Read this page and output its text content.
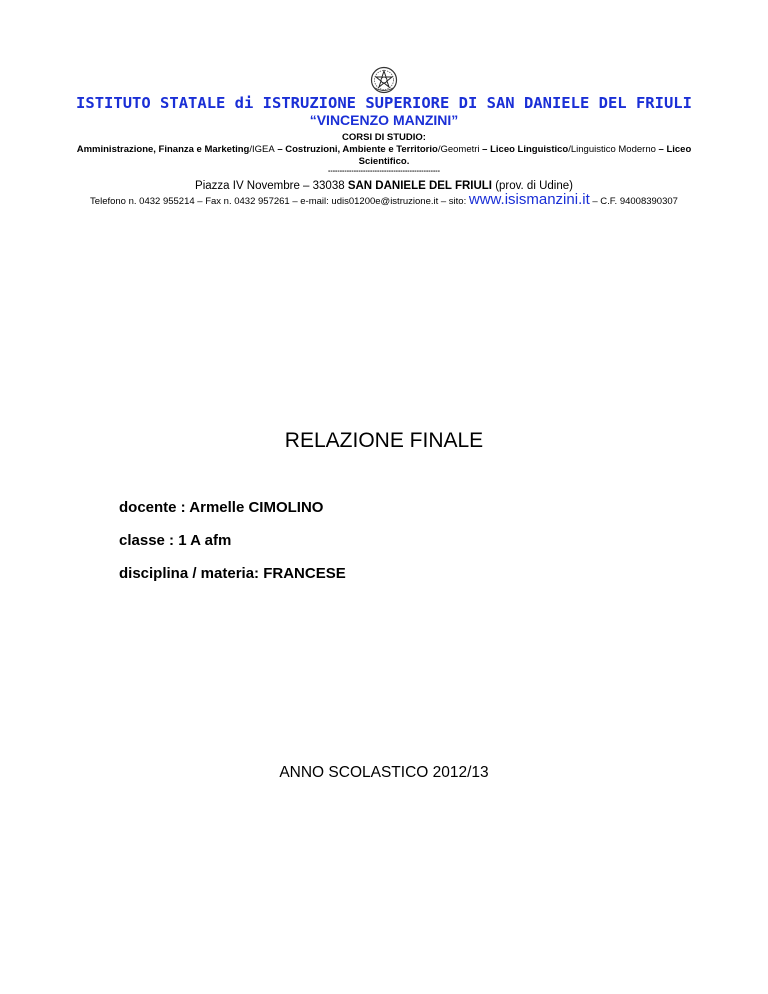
ISTITUTO STATALE di ISTRUZIONE SUPERIORE DI SAN DANIELE DEL FRIULI
“VINCENZO MANZINI”
CORSI DI STUDIO:
Amministrazione, Finanza e Marketing/IGEA – Costruzioni, Ambiente e Territorio/Geometri – Liceo Linguistico/Linguistico Moderno – Liceo Scientifico.
------------------------------------------------
Piazza IV Novembre – 33038 SAN DANIELE DEL FRIULI (prov. di Udine)
Telefono n. 0432 955214 – Fax n. 0432 957261 – e-mail: udis01200e@istruzione.it – sito: www.isismanzini.it – C.F. 94008390307
RELAZIONE FINALE
docente : Armelle CIMOLINO
classe : 1 A afm
disciplina / materia: FRANCESE
ANNO SCOLASTICO 2012/13
